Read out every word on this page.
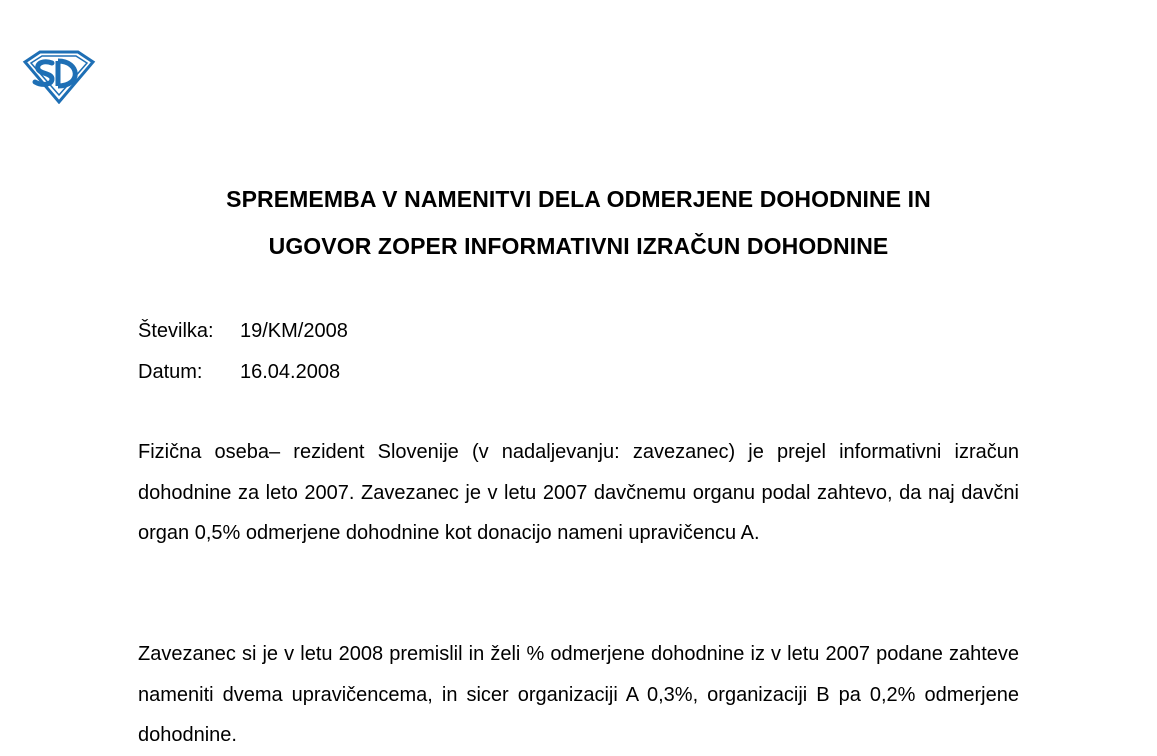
SPREMEMBA V NAMENITVI DELA ODMERJENE DOHODNINE IN
UGOVOR ZOPER INFORMATIVNI IZRAČUN DOHODNINE
Številka: 19/KM/2008
Datum: 16.04.2008

Fizična oseba– rezident Slovenije (v nadaljevanju: zavezanec) je prejel informativni izračun dohodnine za leto 2007. Zavezanec je v letu 2007 davčnemu organu podal zahtevo, da naj davčni organ 0,5% odmerjene dohodnine kot donacijo nameni upravičencu A.

Zavezanec si je v letu 2008 premislil in želi % odmerjene dohodnine iz v letu 2007 podane zahteve nameniti dvema upravičencema, in sicer organizaciji A 0,3%, organizaciji B pa 0,2% odmerjene dohodnine.
